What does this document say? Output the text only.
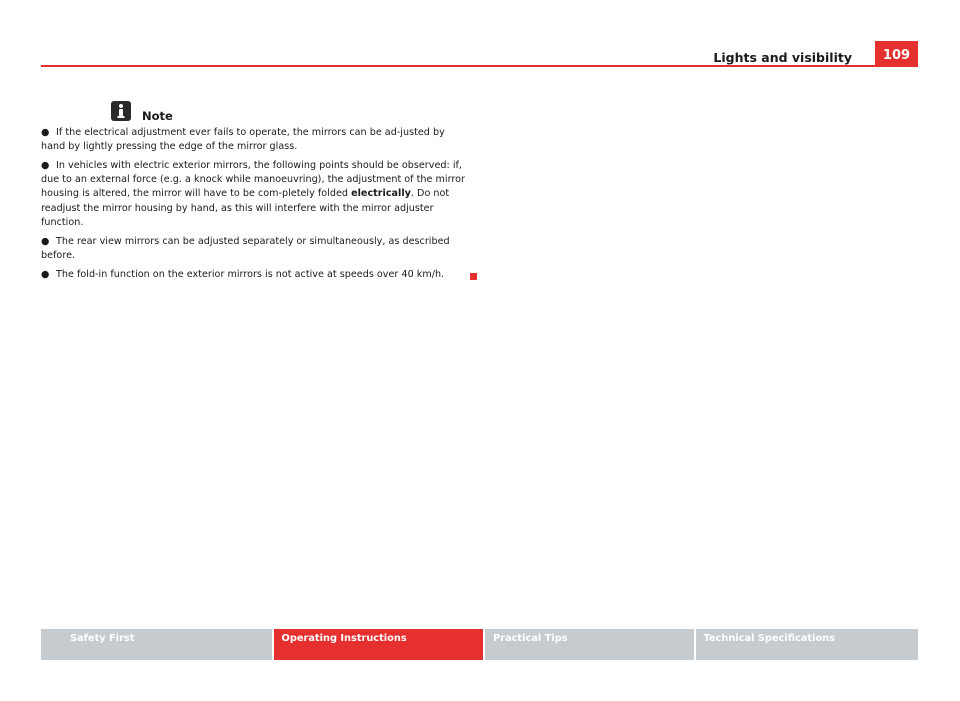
Lights and visibility	109
Note

● If the electrical adjustment ever fails to operate, the mirrors can be ad-justed by hand by lightly pressing the edge of the mirror glass.

● In vehicles with electric exterior mirrors, the following points should be observed: if, due to an external force (e.g. a knock while manoeuvring), the adjustment of the mirror housing is altered, the mirror will have to be com-pletely folded electrically. Do not readjust the mirror housing by hand, as this will interfere with the mirror adjuster function.

● The rear view mirrors can be adjusted separately or simultaneously, as described before.

● The fold-in function on the exterior mirrors is not active at speeds over 40 km/h.

Safety First	Operating Instructions	Practical Tips	Technical Specifications
